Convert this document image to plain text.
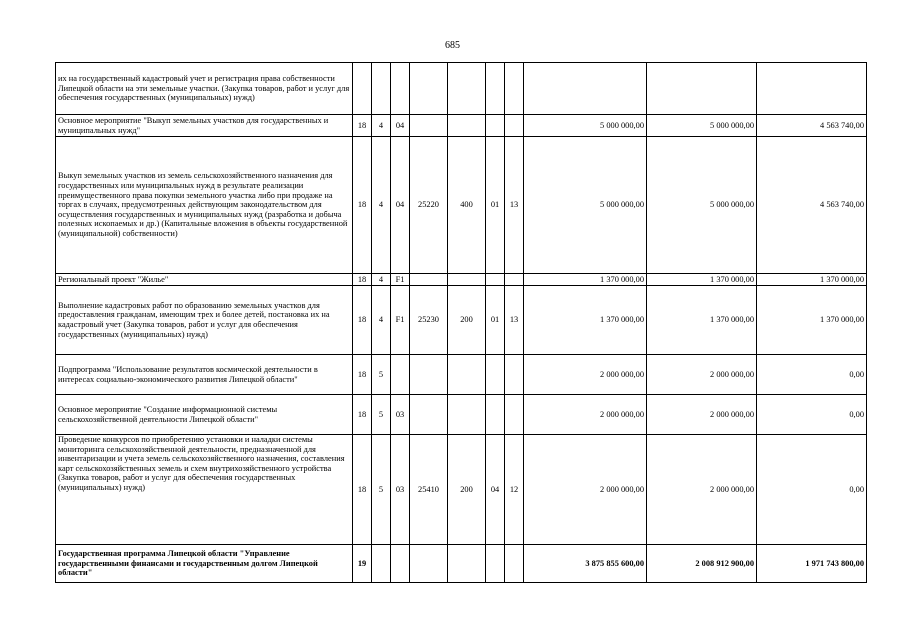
685
их на государственный кадастровый учет и регистрация права собственности Липецкой области на эти земельные участки. (Закупка товаров, работ и услуг для обеспечения государственных (муниципальных) нужд)										
Основное мероприятие "Выкуп земельных участков для государственных и муниципальных нужд"	18	4	04					5 000 000,00	5 000 000,00	4 563 740,00
Выкуп земельных участков из земель сельскохозяйственного назначения для государственных или муниципальных нужд в результате реализации преимущественного права покупки земельного участка либо при продаже на торгах в случаях, предусмотренных действующим законодательством для осуществления государственных и муниципальных нужд (разработка и добыча полезных ископаемых и др.) (Капитальные вложения в объекты государственной (муниципальной) собственности)	18	4	04	25220	400	01	13	5 000 000,00	5 000 000,00	4 563 740,00
Региональный проект "Жилье"	18	4	F1					1 370 000,00	1 370 000,00	1 370 000,00
Выполнение кадастровых работ по образованию земельных участков для предоставления гражданам, имеющим трех и более детей, постановка их на кадастровый учет (Закупка товаров, работ и услуг для обеспечения государственных (муниципальных) нужд)	18	4	F1	25230	200	01	13	1 370 000,00	1 370 000,00	1 370 000,00
Подпрограмма "Использование результатов космической деятельности в интересах социально-экономического развития Липецкой области"	18	5						2 000 000,00	2 000 000,00	0,00
Основное мероприятие "Создание информационной системы сельскохозяйственной деятельности Липецкой области"	18	5	03					2 000 000,00	2 000 000,00	0,00
Проведение конкурсов по приобретению установки и наладки системы мониторинга сельскохозяйственной деятельности, предназначенной для инвентаризации и учета земель сельскохозяйственного назначения, составления карт сельскохозяйственных земель и схем внутрихозяйственного устройства (Закупка товаров, работ и услуг для обеспечения государственных (муниципальных) нужд)	18	5	03	25410	200	04	12	2 000 000,00	2 000 000,00	0,00
Государственная программа Липецкой области "Управление государственными финансами и государственным долгом Липецкой области"	19							3 875 855 600,00	2 008 912 900,00	1 971 743 800,00
